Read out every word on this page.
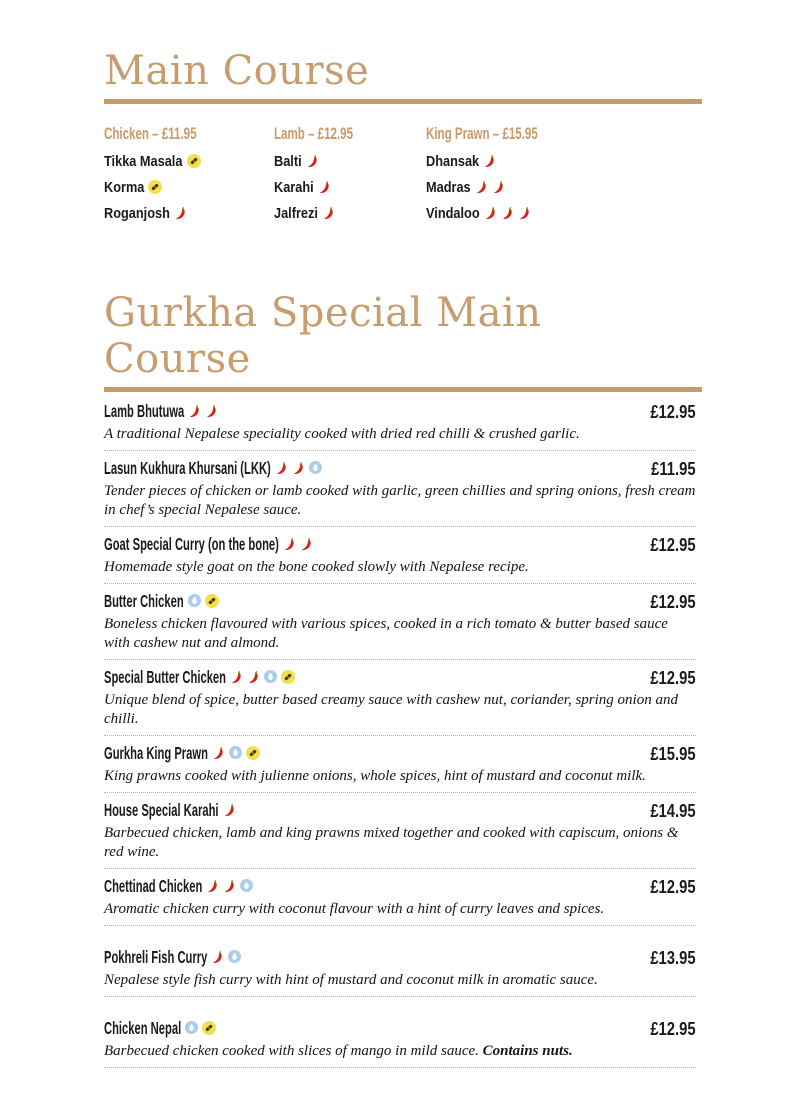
Main Course
Chicken – £11.95
Tikka Masala
Korma
Roganjosh
Lamb – £12.95
Balti
Karahi
Jalfrezi
King Prawn – £15.95
Dhansak
Madras
Vindaloo
Gurkha Special Main Course
Lamb Bhutuwa	£12.95

A traditional Nepalese speciality cooked with dried red chilli & crushed garlic.

Lasun Kukhura Khursani (LKK)	£11.95

Tender pieces of chicken or lamb cooked with garlic, green chillies and spring onions, fresh cream in chef’s special Nepalese sauce.

Goat Special Curry (on the bone)	£12.95

Homemade style goat on the bone cooked slowly with Nepalese recipe.

Butter Chicken	£12.95

Boneless chicken flavoured with various spices, cooked in a rich tomato & butter based sauce with cashew nut and almond.

Special Butter Chicken	£12.95

Unique blend of spice, butter based creamy sauce with cashew nut, coriander, spring onion and chilli.

Gurkha King Prawn	£15.95

King prawns cooked with julienne onions, whole spices, hint of mustard and coconut milk.

House Special Karahi	£14.95

Barbecued chicken, lamb and king prawns mixed together and cooked with capiscum, onions & red wine.

Chettinad Chicken	£12.95

Aromatic chicken curry with coconut flavour with a hint of curry leaves and spices.

Pokhreli Fish Curry	£13.95

Nepalese style fish curry with hint of mustard and coconut milk in aromatic sauce.

Chicken Nepal	£12.95

Barbecued chicken cooked with slices of mango in mild sauce. Contains nuts.
